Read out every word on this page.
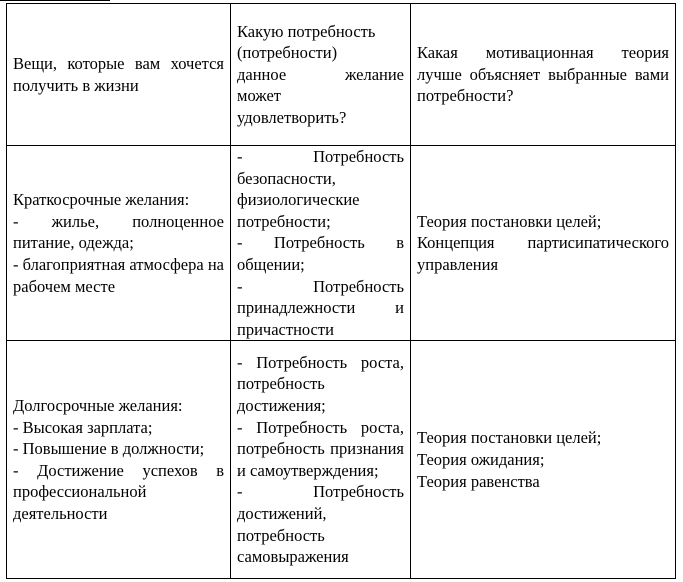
Вещи, которые вам хочется получить в жизни	Какую потребность
(потребности)
данное желание
может
удовлетворить?	Какая мотивационная теория лучше объясняет выбранные вами потребности?

Краткосрочные желания:
- жилье, полноценное питание, одежда;
- благоприятная атмосфера на рабочем месте	- Потребность безопасности, физиологические потребности;
- Потребность в общении;
- Потребность принадлежности и причастности	Теория постановки целей;
Концепция партисипатического управления

Долгосрочные желания:
- Высокая зарплата;
- Повышение в должности;
- Достижение успехов в профессиональной деятельности	- Потребность роста, потребность достижения;
- Потребность роста, потребность признания и самоутверждения;
- Потребность достижений, потребность самовыражения	Теория постановки целей;
Теория ожидания;
Теория равенства
